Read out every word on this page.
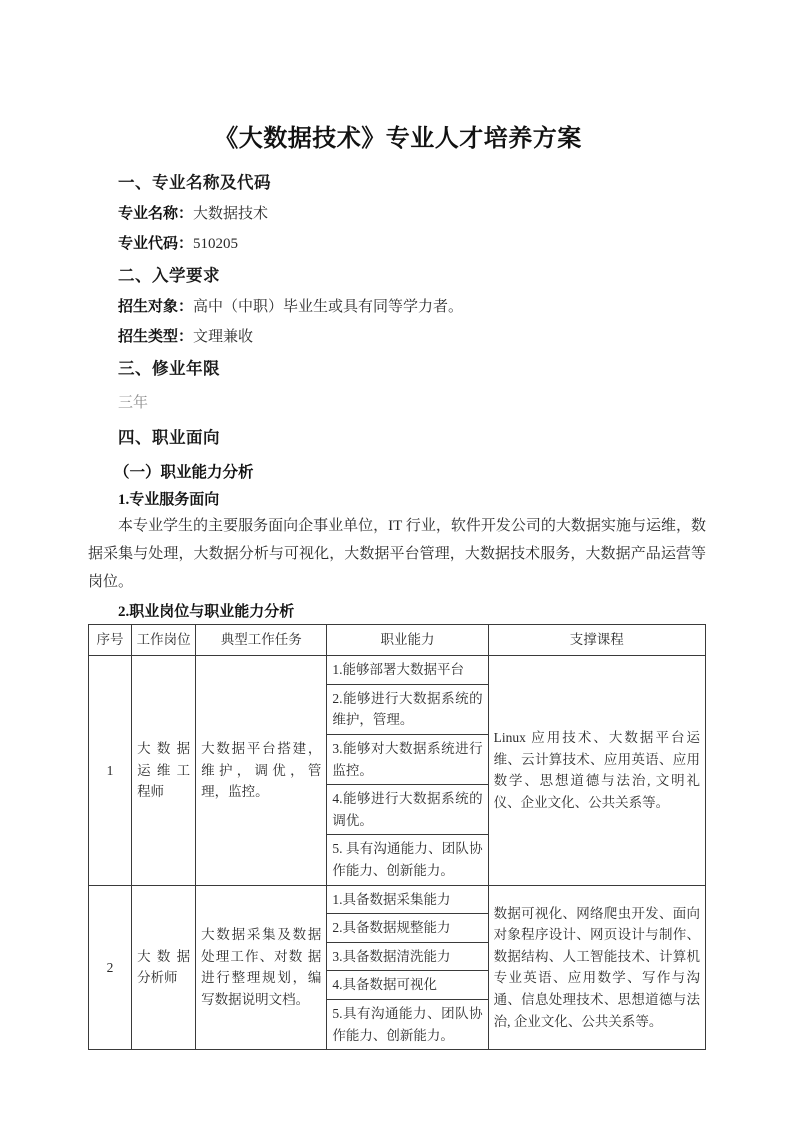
《大数据技术》专业人才培养方案

一、专业名称及代码

专业名称：大数据技术

专业代码：510205

二、入学要求

招生对象：高中（中职）毕业生或具有同等学力者。

招生类型：文理兼收

三、修业年限

三年

四、职业面向

（一）职业能力分析

1.专业服务面向

本专业学生的主要服务面向企事业单位，IT 行业，软件开发公司的大数据实施与运维，数据采集与处理，大数据分析与可视化，大数据平台管理，大数据技术服务，大数据产品运营等岗位。

2.职业岗位与职业能力分析

序号	工作岗位	典型工作任务	职业能力	支撑课程
1	大数据运维工程师	大数据平台搭建，维护，调优，管理，监控。	1.能够部署大数据平台	Linux 应用技术、大数据平台运维、云计算技术、应用英语、应用数学、思想道德与法治, 文明礼仪、企业文化、公共关系等。
			2.能够进行大数据系统的维护，管理。	
			3.能够对大数据系统进行监控。	
			4.能够进行大数据系统的调优。	
			5. 具有沟通能力、团队协作能力、创新能力。	
2	大数据分析师	大数据采集及数据处理工作、对数 据进行整理规划，编写数据说明文档。	1.具备数据采集能力	数据可视化、网络爬虫开发、面向对象程序设计、网页设计与制作、数据结构、人工智能技术、计算机专业英语、应用数学、写作与沟通、信息处理技术、思想道德与法治, 企业文化、公共关系等。
			2.具备数据规整能力	
			3.具备数据清洗能力	
			4.具备数据可视化	
			5.具有沟通能力、团队协作能力、创新能力。	
